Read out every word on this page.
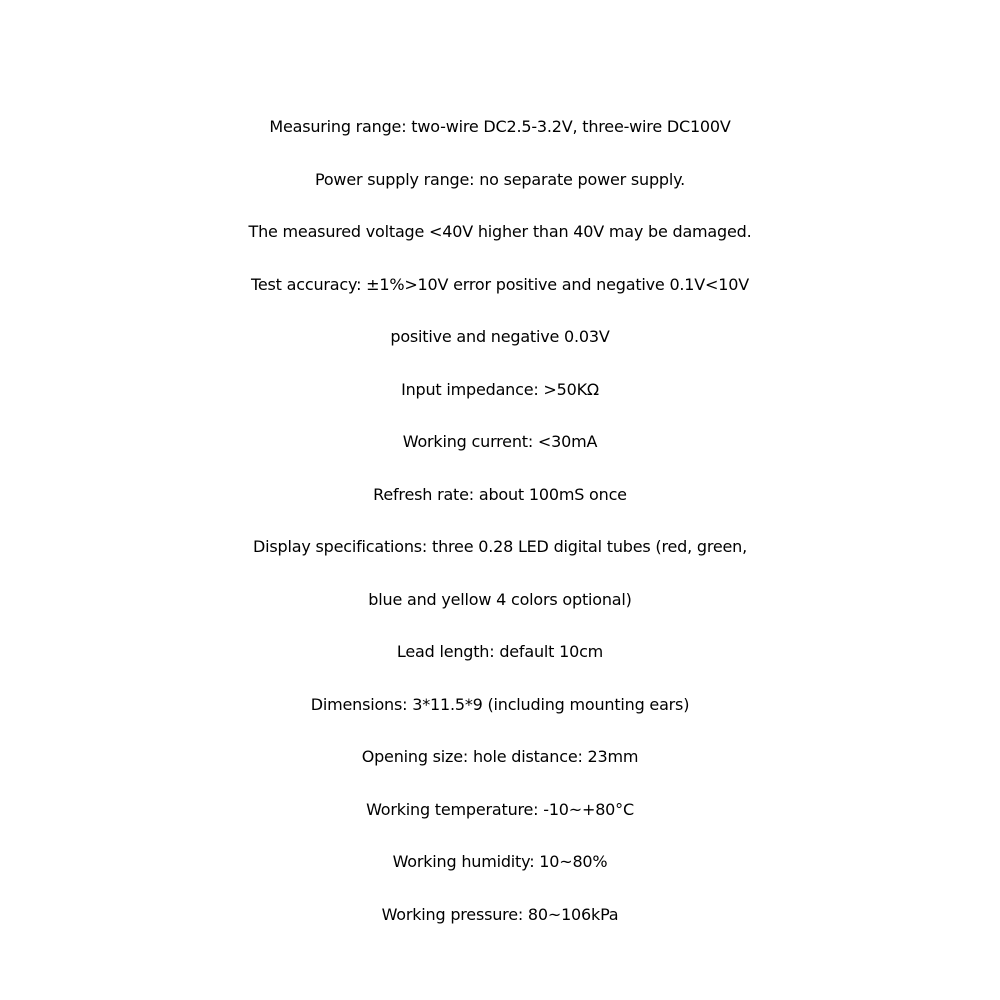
Measuring range: two-wire DC2.5-3.2V, three-wire DC100V
Power supply range: no separate power supply.
The measured voltage <40V higher than 40V may be damaged.
Test accuracy: ±1%>10V error positive and negative 0.1V<10V
positive and negative 0.03V
Input impedance: >50KΩ
Working current: <30mA
Refresh rate: about 100mS once
Display specifications: three 0.28 LED digital tubes (red, green,
blue and yellow 4 colors optional)
Lead length: default 10cm
Dimensions: 3*11.5*9 (including mounting ears)
Opening size: hole distance: 23mm
Working temperature: -10~+80°C
Working humidity: 10~80%
Working pressure: 80~106kPa
